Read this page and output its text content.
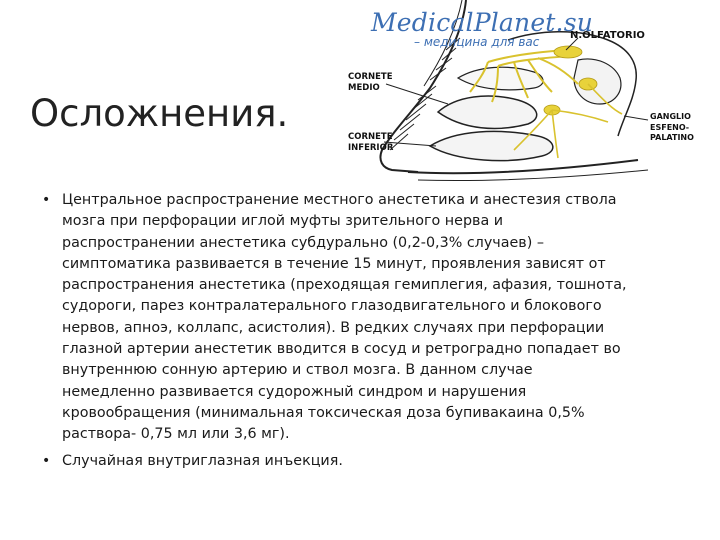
MedicalPlanet.su
– медицина для вас	N.OLFATORIO
CORNETE
MEDIO
CORNETE
INFERIOR
GANGLIO
ESFENO-
PALATINO
Осложнения.
• Центральное распространение местного анестетика и анестезия ствола мозга при перфорации иглой муфты зрительного нерва и распространении анестетика субдурально (0,2-0,3% случаев) – симптоматика развивается в течение 15 минут, проявления зависят от распространения анестетика (преходящая гемиплегия, афазия, тошнота, судороги, парез контралатерального глазодвигательного и блокового нервов, апноэ, коллапс, асистолия). В редких случаях при перфорации глазной артерии анестетик вводится в сосуд и ретроградно попадает во внутреннюю сонную артерию и ствол мозга. В данном случае немедленно развивается судорожный синдром и нарушения кровообращения (минимальная токсическая доза бупивакаина 0,5% раствора- 0,75 мл или 3,6 мг).
• Случайная внутриглазная инъекция.
